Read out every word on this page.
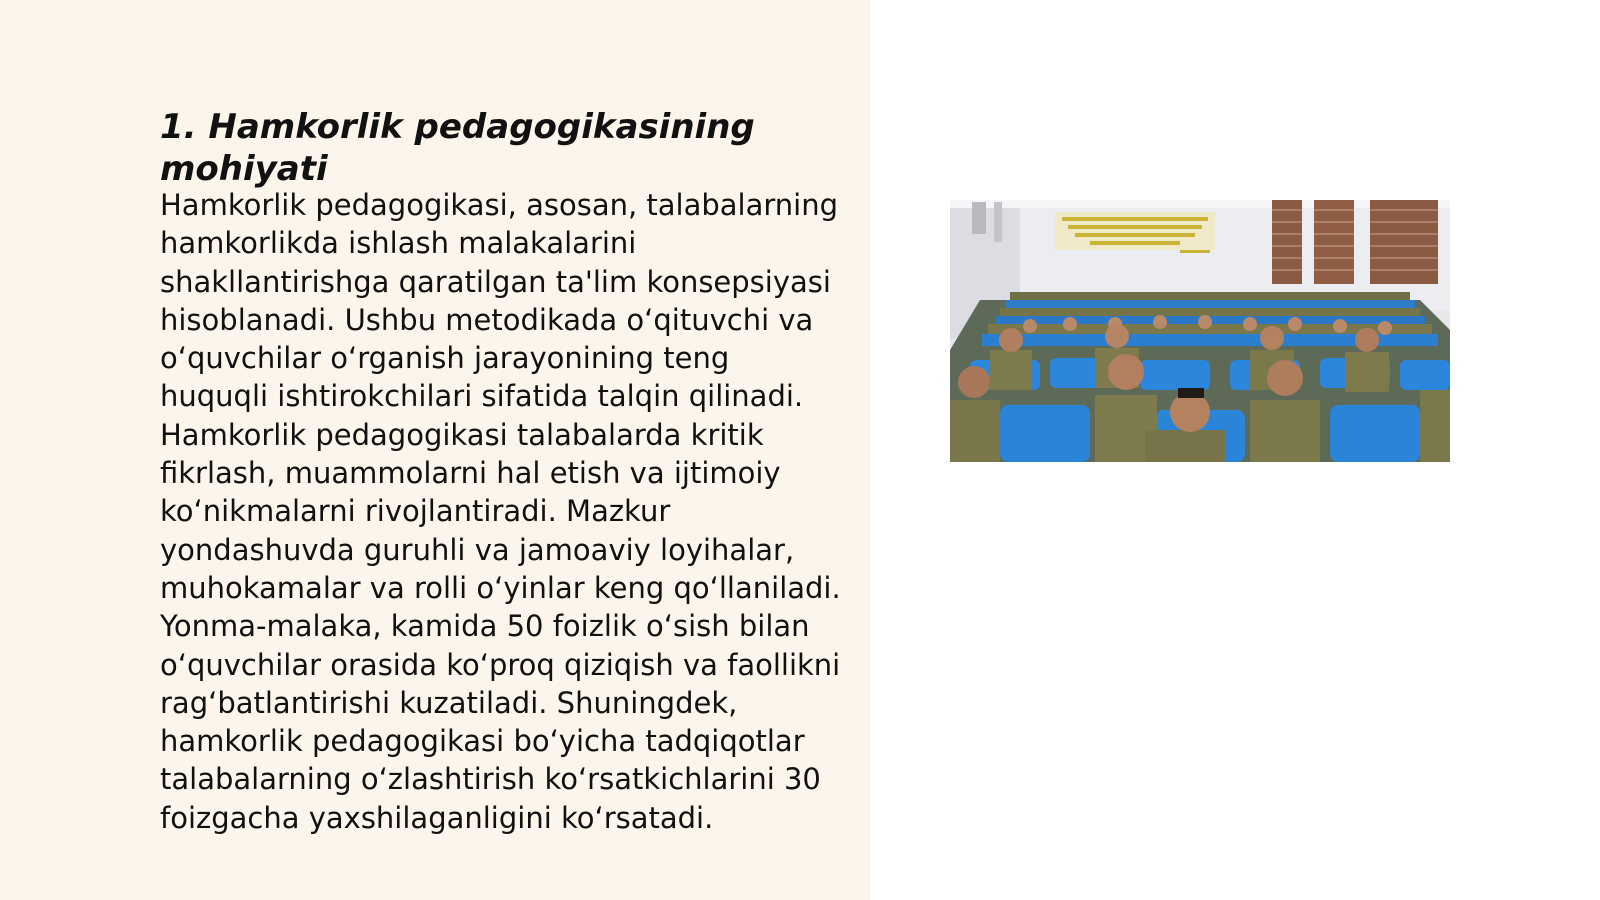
1. Hamkorlik pedagogikasining mohiyati

Hamkorlik pedagogikasi, asosan, talabalarning hamkorlikda ishlash malakalarini shakllantirishga qaratilgan ta'lim konsepsiyasi hisoblanadi. Ushbu metodikada oʻqituvchi va oʻquvchilar oʻrganish jarayonining teng huquqli ishtirokchilari sifatida talqin qilinadi. Hamkorlik pedagogikasi talabalarda kritik fikrlash, muammolarni hal etish va ijtimoiy koʻnikmalarni rivojlantiradi. Mazkur yondashuvda guruhli va jamoaviy loyihalar, muhokamalar va rolli oʻyinlar keng qoʻllaniladi. Yonma-malaka, kamida 50 foizlik oʻsish bilan oʻquvchilar orasida koʻproq qiziqish va faollikni ragʻbatlantirishi kuzatiladi. Shuningdek, hamkorlik pedagogikasi boʻyicha tadqiqotlar talabalarning oʻzlashtirish koʻrsatkichlarini 30 foizgacha yaxshilaganligini koʻrsatadi.
